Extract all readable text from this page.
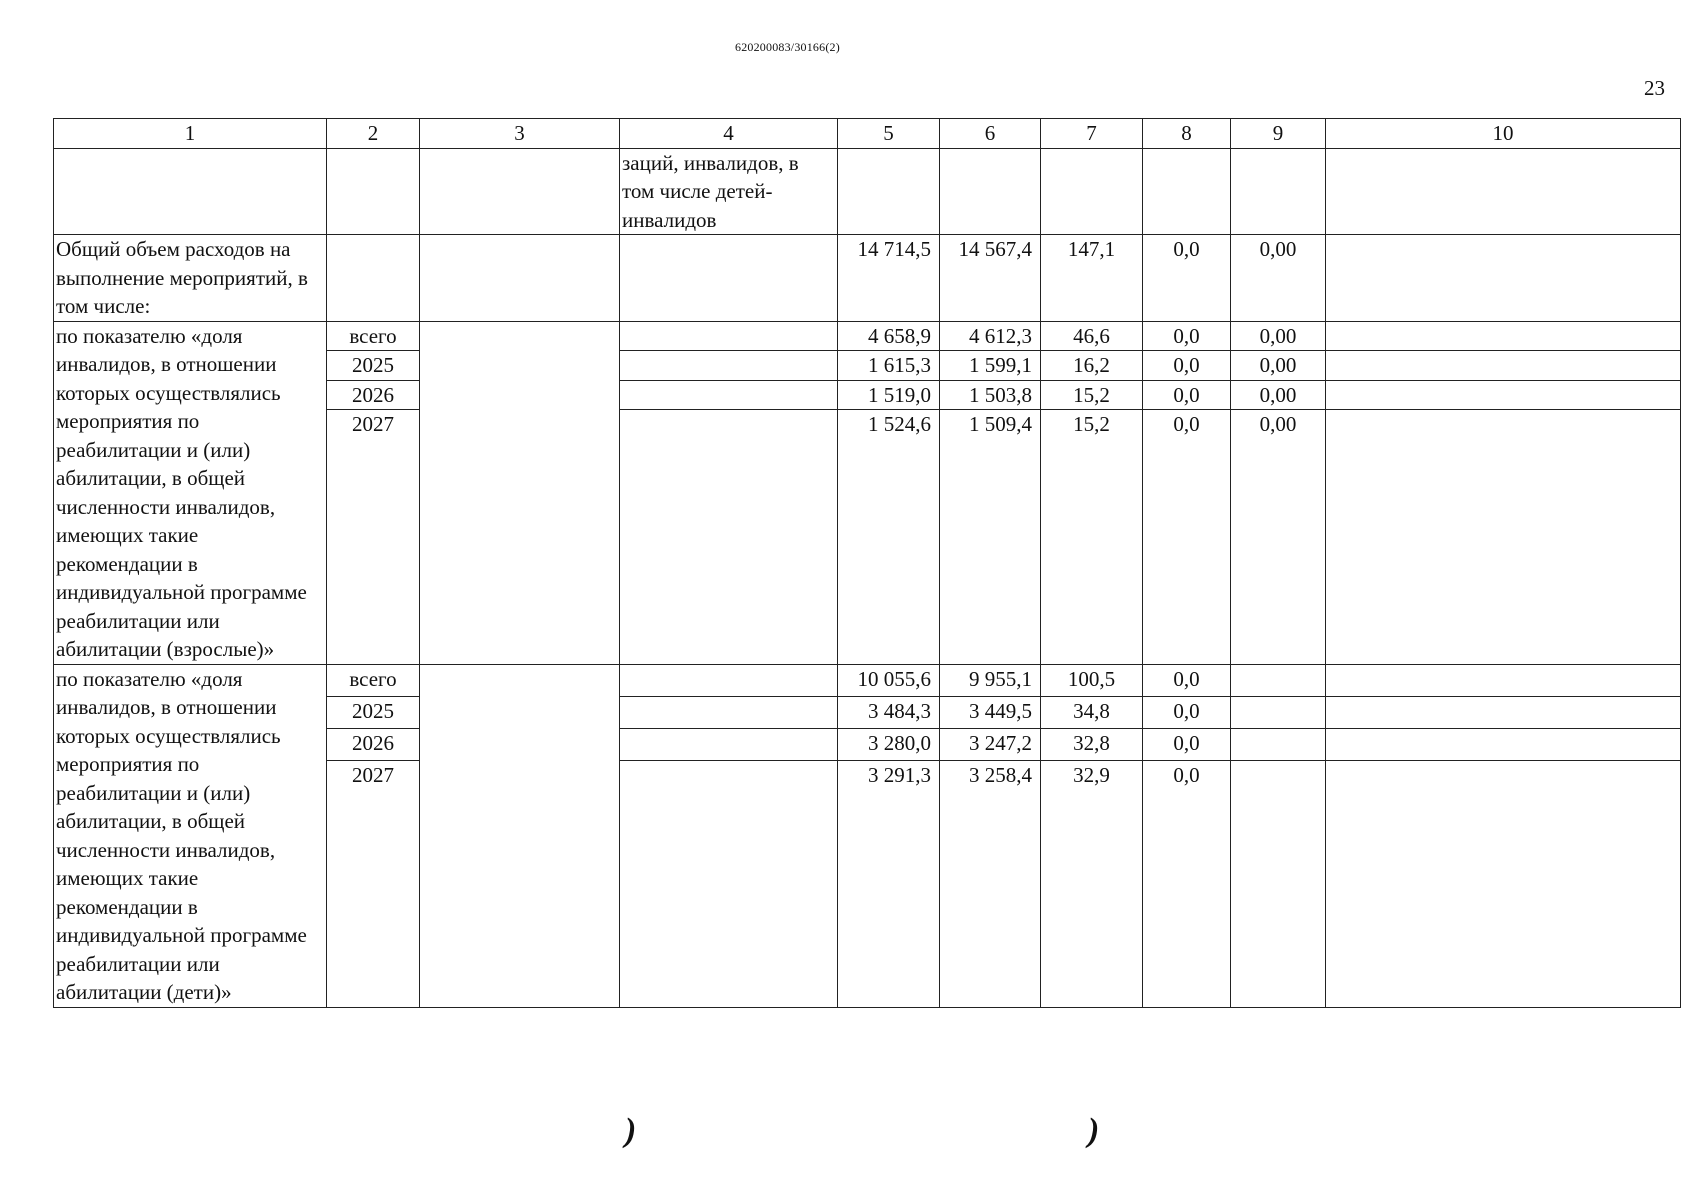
620200083/30166(2)
23
1	2	3	4	5	6	7	8	9	10
			заций, инвалидов, в том числе детей-инвалидов						
Общий объем расходов на выполнение мероприятий, в том числе:				14 714,5	14 567,4	147,1	0,0	0,00	
по показателю «доля инвалидов, в отношении которых осуществлялись мероприятия по реабилитации и (или) абилитации, в общей численности инвалидов, имеющих такие рекомендации в индивидуальной программе реабилитации или абилитации (взрослые)»	всего			4 658,9	4 612,3	46,6	0,0	0,00	
	2025			1 615,3	1 599,1	16,2	0,0	0,00	
	2026			1 519,0	1 503,8	15,2	0,0	0,00	
	2027			1 524,6	1 509,4	15,2	0,0	0,00	
по показателю «доля инвалидов, в отношении которых осуществлялись мероприятия по реабилитации и (или) абилитации, в общей численности инвалидов, имеющих такие рекомендации в индивидуальной программе реабилитации или абилитации (дети)»	всего			10 055,6	9 955,1	100,5	0,0		
	2025			3 484,3	3 449,5	34,8	0,0		
	2026			3 280,0	3 247,2	32,8	0,0		
	2027			3 291,3	3 258,4	32,9	0,0		
)	)
